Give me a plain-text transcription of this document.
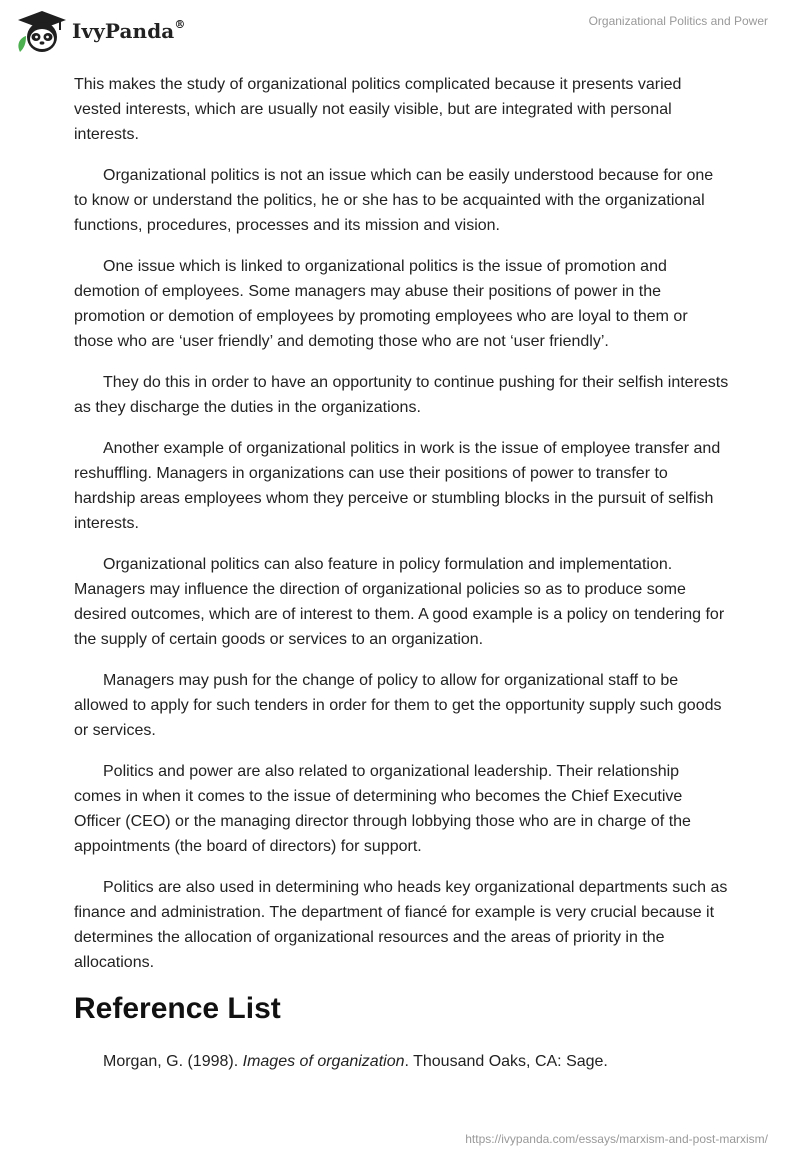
IvyPanda®	Organizational Politics and Power

This makes the study of organizational politics complicated because it presents varied vested interests, which are usually not easily visible, but are integrated with personal interests.

Organizational politics is not an issue which can be easily understood because for one to know or understand the politics, he or she has to be acquainted with the organizational functions, procedures, processes and its mission and vision.

One issue which is linked to organizational politics is the issue of promotion and demotion of employees. Some managers may abuse their positions of power in the promotion or demotion of employees by promoting employees who are loyal to them or those who are ‘user friendly’ and demoting those who are not ‘user friendly’.

They do this in order to have an opportunity to continue pushing for their selfish interests as they discharge the duties in the organizations.

Another example of organizational politics in work is the issue of employee transfer and reshuffling. Managers in organizations can use their positions of power to transfer to hardship areas employees whom they perceive or stumbling blocks in the pursuit of selfish interests.

Organizational politics can also feature in policy formulation and implementation. Managers may influence the direction of organizational policies so as to produce some desired outcomes, which are of interest to them. A good example is a policy on tendering for the supply of certain goods or services to an organization.

Managers may push for the change of policy to allow for organizational staff to be allowed to apply for such tenders in order for them to get the opportunity supply such goods or services.

Politics and power are also related to organizational leadership. Their relationship comes in when it comes to the issue of determining who becomes the Chief Executive Officer (CEO) or the managing director through lobbying those who are in charge of the appointments (the board of directors) for support.

Politics are also used in determining who heads key organizational departments such as finance and administration. The department of fiancé for example is very crucial because it determines the allocation of organizational resources and the areas of priority in the allocations.

Reference List

Morgan, G. (1998). Images of organization. Thousand Oaks, CA: Sage.

https://ivypanda.com/essays/marxism-and-post-marxism/
